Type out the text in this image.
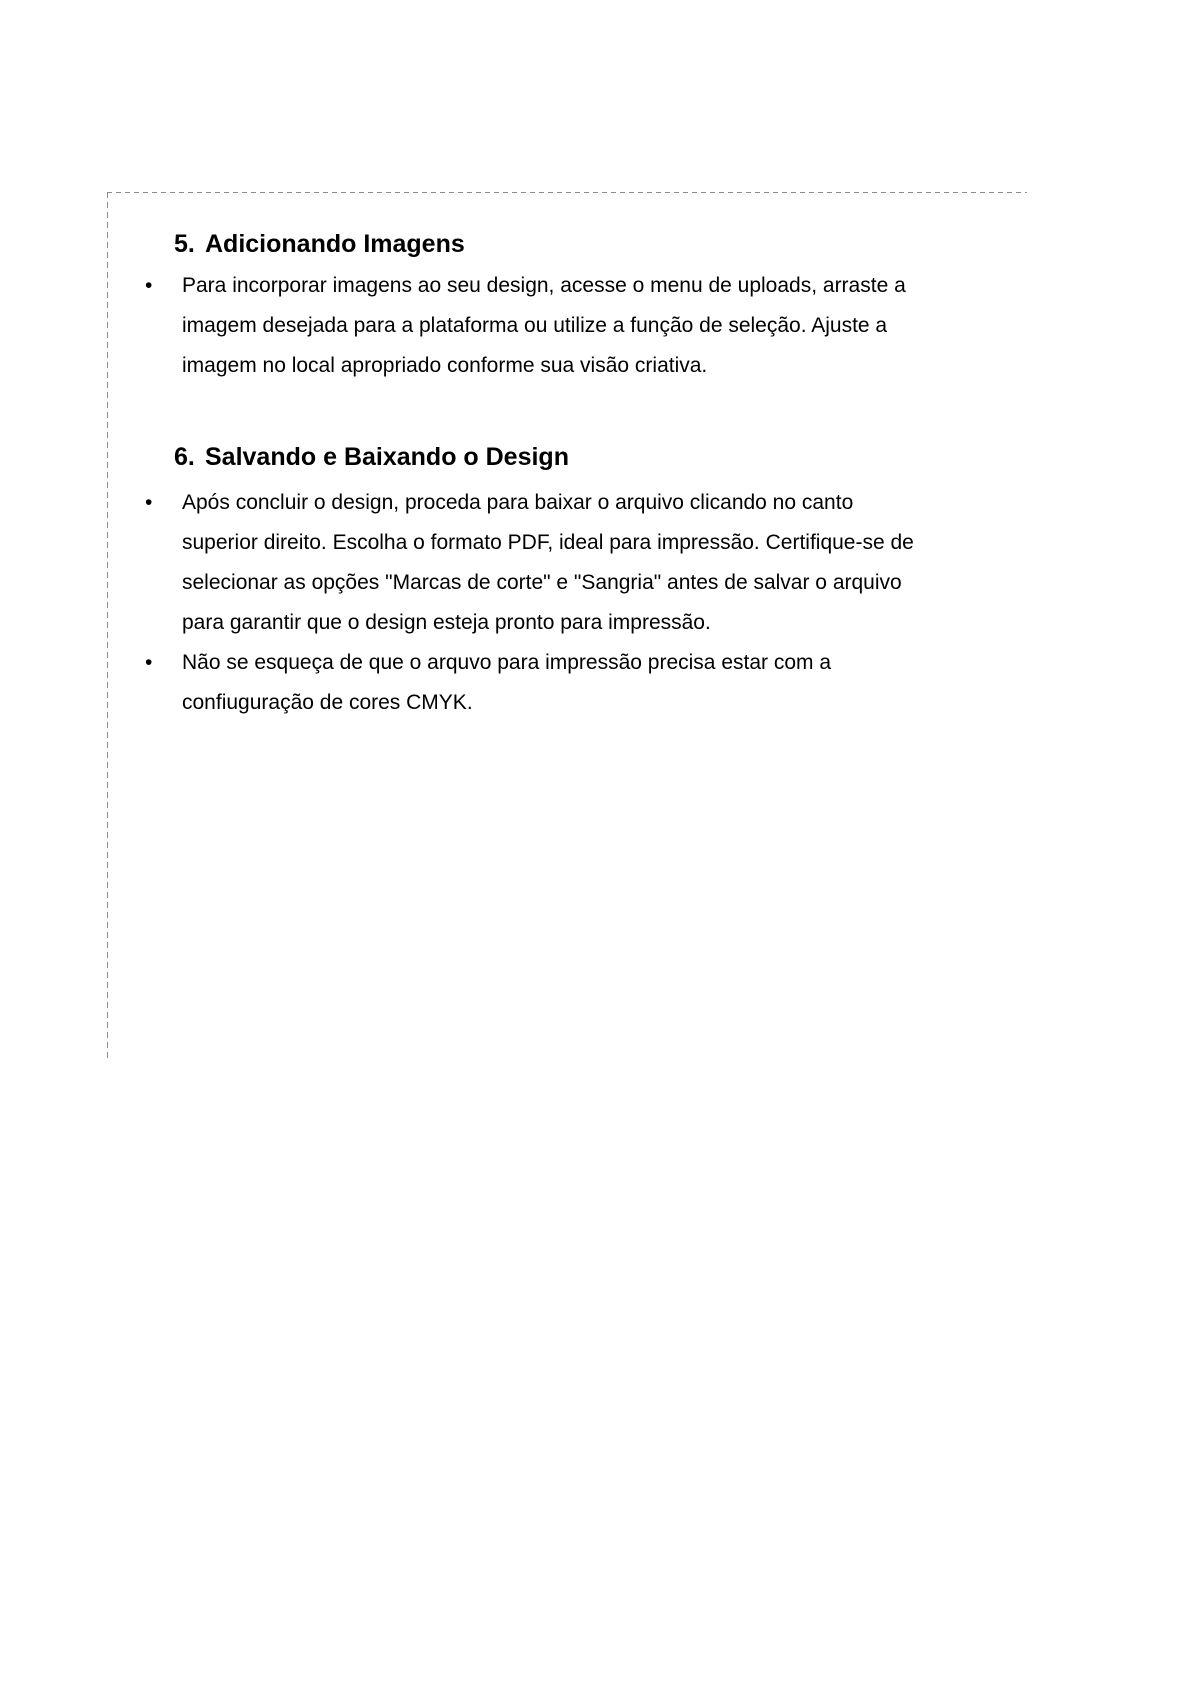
5. Adicionando Imagens
• Para incorporar imagens ao seu design, acesse o menu de uploads, arraste a
imagem desejada para a plataforma ou utilize a função de seleção. Ajuste a
imagem no local apropriado conforme sua visão criativa.
6. Salvando e Baixando o Design
• Após concluir o design, proceda para baixar o arquivo clicando no canto
superior direito. Escolha o formato PDF, ideal para impressão. Certifique-se de
selecionar as opções "Marcas de corte" e "Sangria" antes de salvar o arquivo
para garantir que o design esteja pronto para impressão.
• Não se esqueça de que o arquvo para impressão precisa estar com a
confiuguração de cores CMYK.
